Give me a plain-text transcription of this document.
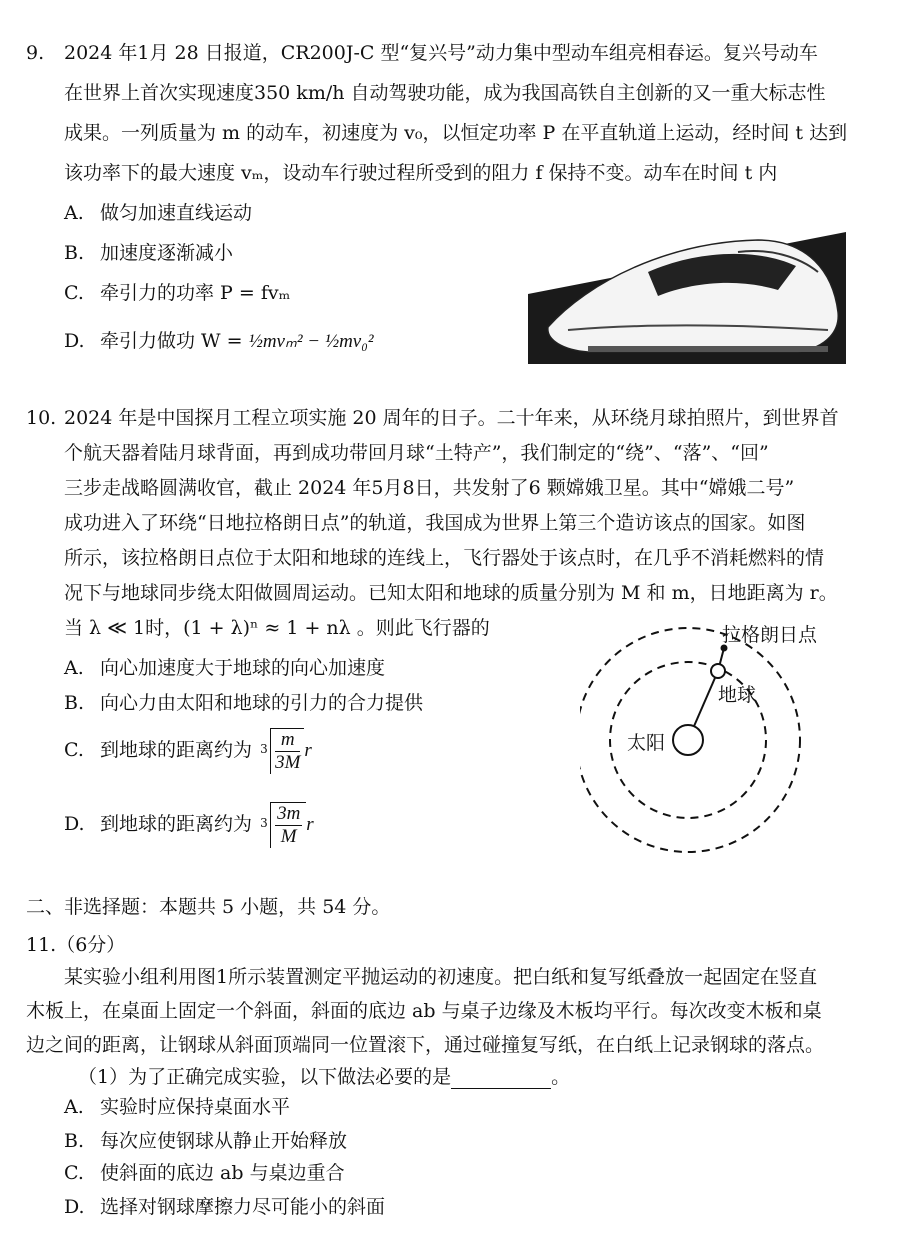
9. 2024 年1月 28 日报道，CR200J-C 型“复兴号”动力集中型动车组亮相春运。复兴号动车
在世界上首次实现速度350 km/h 自动驾驶功能，成为我国高铁自主创新的又一重大标志性
成果。一列质量为 m 的动车，初速度为 v₀，以恒定功率 P 在平直轨道上运动，经时间 t 达到
该功率下的最大速度 vₘ，设动车行驶过程所受到的阻力 f 保持不变。动车在时间 t 内
A. 做匀加速直线运动
B. 加速度逐渐减小
C. 牵引力的功率 P = fvₘ
D. 牵引力做功 W = ½mvₘ² − ½mv₀²
10. 2024 年是中国探月工程立项实施 20 周年的日子。二十年来，从环绕月球拍照片，到世界首
个航天器着陆月球背面，再到成功带回月球“土特产”，我们制定的“绕”、“落”、“回”
三步走战略圆满收官，截止 2024 年5月8日，共发射了6 颗嫦娥卫星。其中“嫦娥二号”
成功进入了环绕“日地拉格朗日点”的轨道，我国成为世界上第三个造访该点的国家。如图
所示，该拉格朗日点位于太阳和地球的连线上，飞行器处于该点时，在几乎不消耗燃料的情
况下与地球同步绕太阳做圆周运动。已知太阳和地球的质量分别为 M 和 m，日地距离为 r。
当 λ ≪ 1时，(1 + λ)ⁿ ≈ 1 + nλ 。则此飞行器的
A. 向心加速度大于地球的向心加速度
B. 向心力由太阳和地球的引力的合力提供
C. 到地球的距离约为 $3 \frac{m}{3M}$ r
D. 到地球的距离约为 $3 \frac{3m}{M}$ r
拉格朗日点
地球
太阳
二、非选择题：本题共 5 小题，共 54 分。
11.（6分）
某实验小组利用图1所示装置测定平抛运动的初速度。把白纸和复写纸叠放一起固定在竖直
木板上，在桌面上固定一个斜面，斜面的底边 ab 与桌子边缘及木板均平行。每次改变木板和桌
边之间的距离，让钢球从斜面顶端同一位置滚下，通过碰撞复写纸，在白纸上记录钢球的落点。
（1）为了正确完成实验，以下做法必要的是	。
A. 实验时应保持桌面水平
B. 每次应使钢球从静止开始释放
C. 使斜面的底边 ab 与桌边重合
D. 选择对钢球摩擦力尽可能小的斜面
